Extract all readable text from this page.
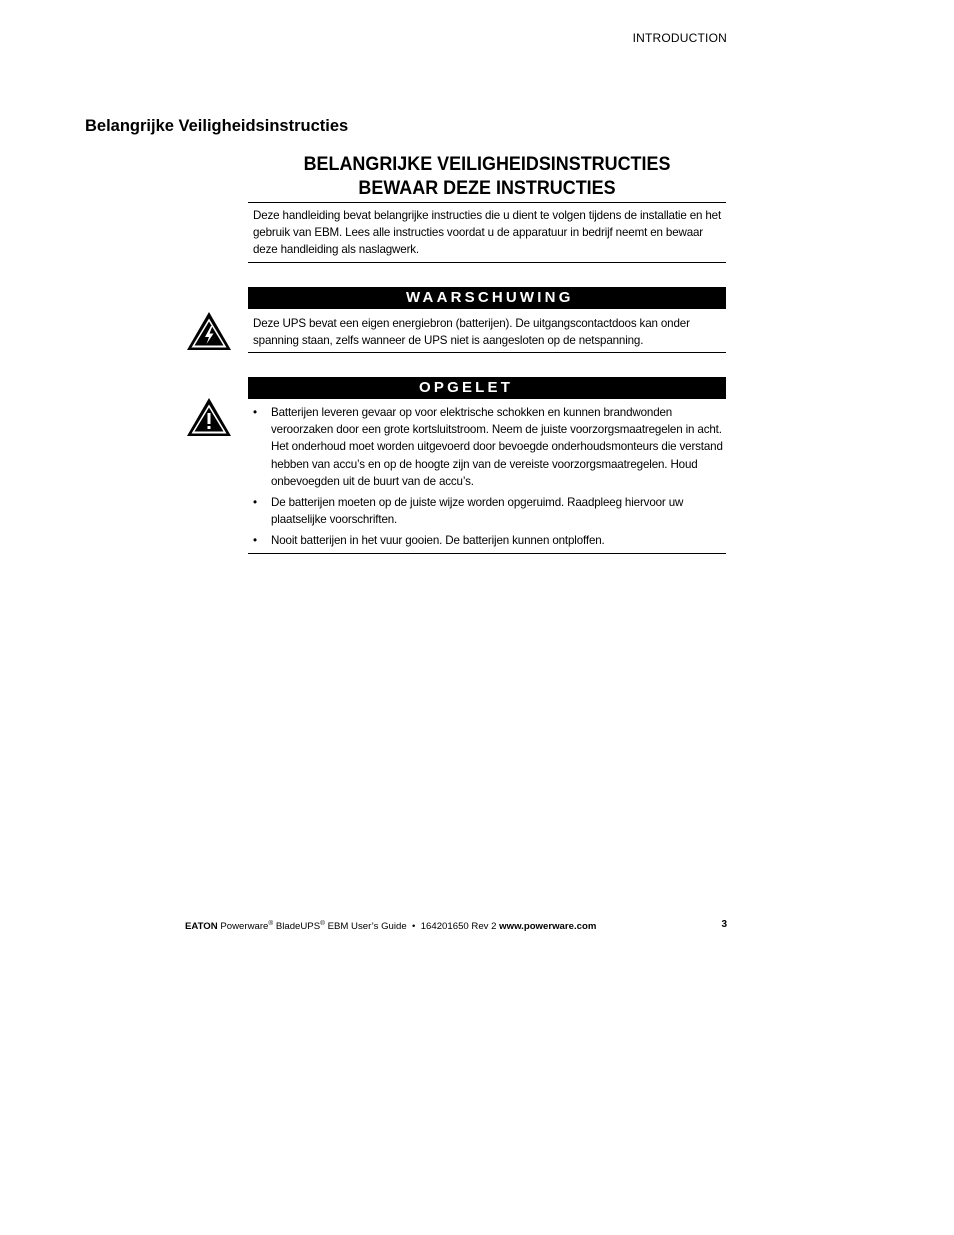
INTRODUCTION
Belangrijke Veiligheidsinstructies
BELANGRIJKE VEILIGHEIDSINSTRUCTIES
BEWAAR DEZE INSTRUCTIES

Deze handleiding bevat belangrijke instructies die u dient te volgen tijdens de installatie en het gebruik van EBM. Lees alle instructies voordat u de apparatuur in bedrijf neemt en bewaar deze handleiding als naslagwerk.

WAARSCHUWING

Deze UPS bevat een eigen energiebron (batterijen). De uitgangscontactdoos kan onder spanning staan, zelfs wanneer de UPS niet is aangesloten op de netspanning.

OPGELET
• Batterijen leveren gevaar op voor elektrische schokken en kunnen brandwonden veroorzaken door een grote kortsluitstroom. Neem de juiste voorzorgsmaatregelen in acht. Het onderhoud moet worden uitgevoerd door bevoegde onderhoudsmonteurs die verstand hebben van accu’s en op de hoogte zijn van de vereiste voorzorgsmaatregelen. Houd onbevoegden uit de buurt van de accu’s.
• De batterijen moeten op de juiste wijze worden opgeruimd. Raadpleeg hiervoor uw plaatselijke voorschriften.
• Nooit batterijen in het vuur gooien. De batterijen kunnen ontploffen.
EATON Powerware® BladeUPS® EBM User’s Guide • 164201650 Rev 2 www.powerware.com	3
